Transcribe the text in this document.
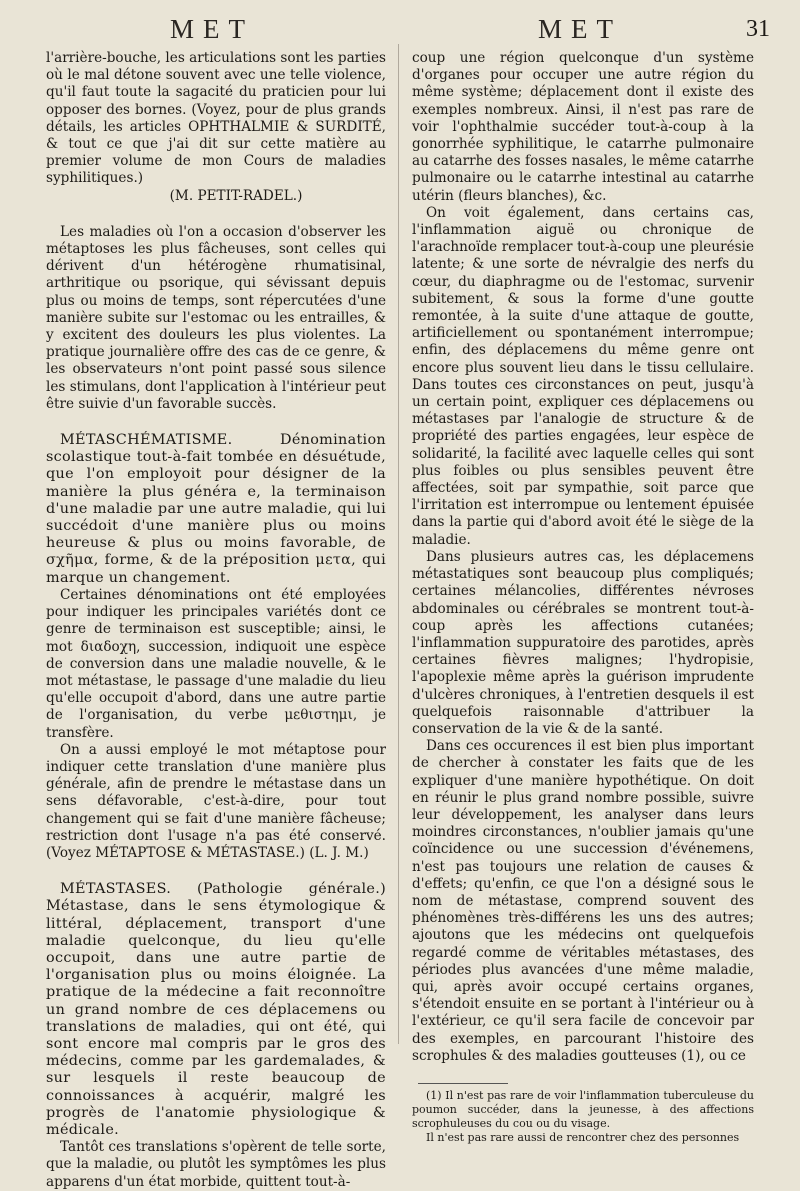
MET	MET	31

l'arrière-bouche, les articulations sont les parties où le mal détone souvent avec une telle violence, qu'il faut toute la sagacité du praticien pour lui opposer des bornes. (Voyez, pour de plus grands détails, les articles OPHTHALMIE & SURDITÉ, & tout ce que j'ai dit sur cette matière au premier volume de mon Cours de maladies syphilitiques.)

(M. PETIT-RADEL.)

Les maladies où l'on a occasion d'observer les métaptoses les plus fâcheuses, sont celles qui dérivent d'un hétérogène rhumatisinal, arthritique ou psorique, qui sévissant depuis plus ou moins de temps, sont répercutées d'une manière subite sur l'estomac ou les entrailles, & y excitent des douleurs les plus violentes. La pratique journalière offre des cas de ce genre, & les observateurs n'ont point passé sous silence les stimulans, dont l'application à l'intérieur peut être suivie d'un favorable succès.

MÉTASCHÉMATISME. Dénomination scolastique tout-à-fait tombée en désuétude, que l'on employoit pour désigner de la manière la plus généra e, la terminaison d'une maladie par une autre maladie, qui lui succédoit d'une manière plus ou moins heureuse & plus ou moins favorable, de σχῆμα, forme, & de la préposition μετα, qui marque un changement.

Certaines dénominations ont été employées pour indiquer les principales variétés dont ce genre de terminaison est susceptible; ainsi, le mot διαδοχη, succession, indiquoit une espèce de conversion dans une maladie nouvelle, & le mot métastase, le passage d'une maladie du lieu qu'elle occupoit d'abord, dans une autre partie de l'organisation, du verbe μεθιστημι, je transfère.

On a aussi employé le mot métaptose pour indiquer cette translation d'une manière plus générale, afin de prendre le métastase dans un sens défavorable, c'est-à-dire, pour tout changement qui se fait d'une manière fâcheuse; restriction dont l'usage n'a pas été conservé. (Voyez MÉTAPTOSE & MÉTASTASE.) (L. J. M.)

MÉTASTASES. (Pathologie générale.) Métastase, dans le sens étymologique & littéral, déplacement, transport d'une maladie quelconque, du lieu qu'elle occupoit, dans une autre partie de l'organisation plus ou moins éloignée. La pratique de la médecine a fait reconnoître un grand nombre de ces déplacemens ou translations de maladies, qui ont été, qui sont encore mal compris par le gros des médecins, comme par les gardemalades, & sur lesquels il reste beaucoup de connoissances à acquérir, malgré les progrès de l'anatomie physiologique & médicale.

Tantôt ces translations s'opèrent de telle sorte, que la maladie, ou plutôt les symptômes les plus apparens d'un état morbide, quittent tout-à-

coup une région quelconque d'un système d'organes pour occuper une autre région du même système; déplacement dont il existe des exemples nombreux. Ainsi, il n'est pas rare de voir l'ophthalmie succéder tout-à-coup à la gonorrhée syphilitique, le catarrhe pulmonaire au catarrhe des fosses nasales, le même catarrhe pulmonaire ou le catarrhe intestinal au catarrhe utérin (fleurs blanches), &c.

On voit également, dans certains cas, l'inflammation aiguë ou chronique de l'arachnoïde remplacer tout-à-coup une pleurésie latente; & une sorte de névralgie des nerfs du cœur, du diaphragme ou de l'estomac, survenir subitement, & sous la forme d'une goutte remontée, à la suite d'une attaque de goutte, artificiellement ou spontanément interrompue; enfin, des déplacemens du même genre ont encore plus souvent lieu dans le tissu cellulaire. Dans toutes ces circonstances on peut, jusqu'à un certain point, expliquer ces déplacemens ou métastases par l'analogie de structure & de propriété des parties engagées, leur espèce de solidarité, la facilité avec laquelle celles qui sont plus foibles ou plus sensibles peuvent être affectées, soit par sympathie, soit parce que l'irritation est interrompue ou lentement épuisée dans la partie qui d'abord avoit été le siège de la maladie.

Dans plusieurs autres cas, les déplacemens métastatiques sont beaucoup plus compliqués; certaines mélancolies, différentes névroses abdominales ou cérébrales se montrent tout-à-coup après les affections cutanées; l'inflammation suppuratoire des parotides, après certaines fièvres malignes; l'hydropisie, l'apoplexie même après la guérison imprudente d'ulcères chroniques, à l'entretien desquels il est quelquefois raisonnable d'attribuer la conservation de la vie & de la santé.

Dans ces occurences il est bien plus important de chercher à constater les faits que de les expliquer d'une manière hypothétique. On doit en réunir le plus grand nombre possible, suivre leur développement, les analyser dans leurs moindres circonstances, n'oublier jamais qu'une coïncidence ou une succession d'événemens, n'est pas toujours une relation de causes & d'effets; qu'enfin, ce que l'on a désigné sous le nom de métastase, comprend souvent des phénomènes très-différens les uns des autres; ajoutons que les médecins ont quelquefois regardé comme de véritables métastases, des périodes plus avancées d'une même maladie, qui, après avoir occupé certains organes, s'étendoit ensuite en se portant à l'intérieur ou à l'extérieur, ce qu'il sera facile de concevoir par des exemples, en parcourant l'histoire des scrophules & des maladies goutteuses (1), ou ce

(1) Il n'est pas rare de voir l'inflammation tuberculeuse du poumon succéder, dans la jeunesse, à des affections scrophuleuses du cou ou du visage.

Il n'est pas rare aussi de rencontrer chez des personnes
